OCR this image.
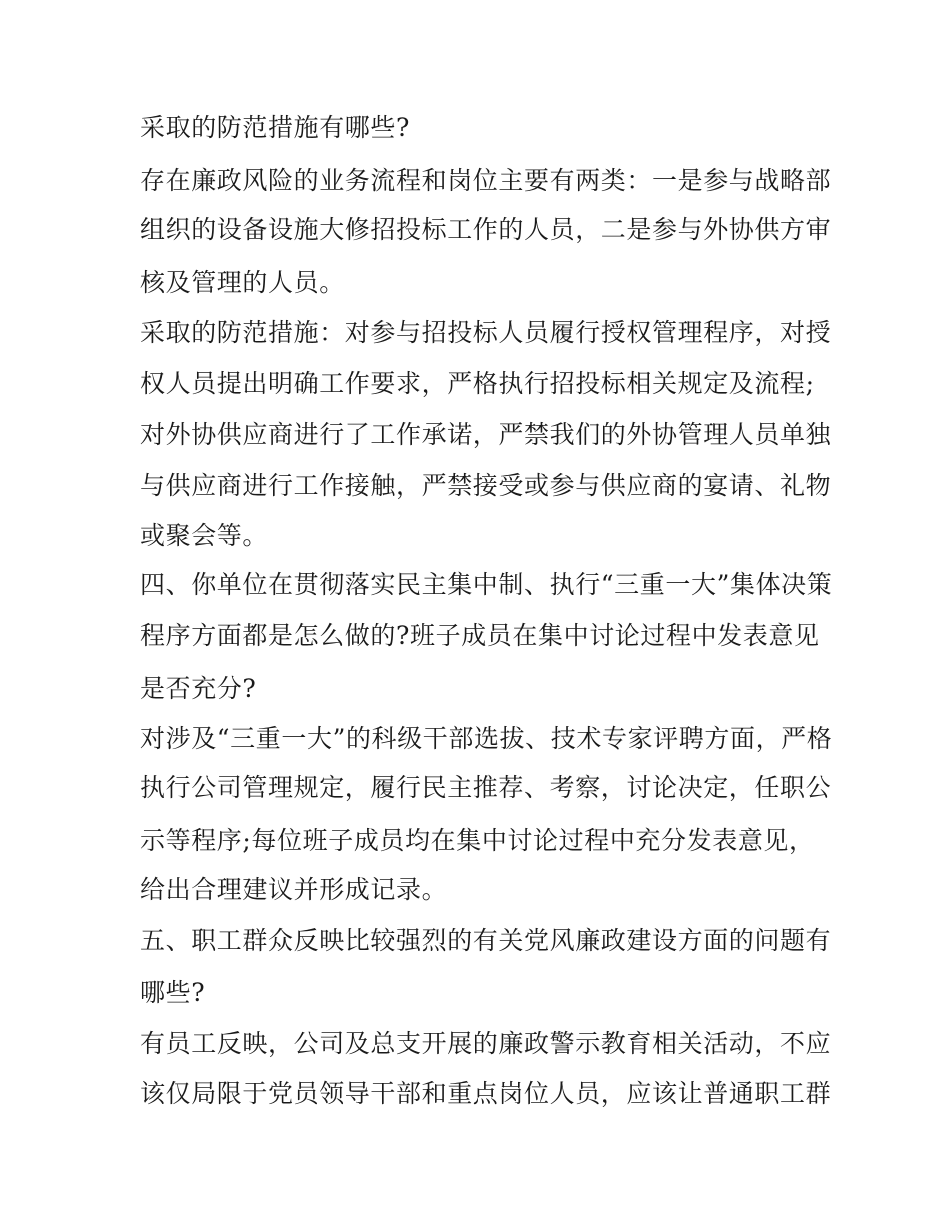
采取的防范措施有哪些?
存在廉政风险的业务流程和岗位主要有两类：一是参与战略部
组织的设备设施大修招投标工作的人员，二是参与外协供方审
核及管理的人员。
采取的防范措施：对参与招投标人员履行授权管理程序，对授
权人员提出明确工作要求，严格执行招投标相关规定及流程;
对外协供应商进行了工作承诺，严禁我们的外协管理人员单独
与供应商进行工作接触，严禁接受或参与供应商的宴请、礼物
或聚会等。
四、你单位在贯彻落实民主集中制、执行“三重一大”集体决策
程序方面都是怎么做的?班子成员在集中讨论过程中发表意见
是否充分?
对涉及“三重一大”的科级干部选拔、技术专家评聘方面，严格
执行公司管理规定，履行民主推荐、考察，讨论决定，任职公
示等程序;每位班子成员均在集中讨论过程中充分发表意见，
给出合理建议并形成记录。
五、职工群众反映比较强烈的有关党风廉政建设方面的问题有
哪些?
有员工反映，公司及总支开展的廉政警示教育相关活动，不应
该仅局限于党员领导干部和重点岗位人员，应该让普通职工群
